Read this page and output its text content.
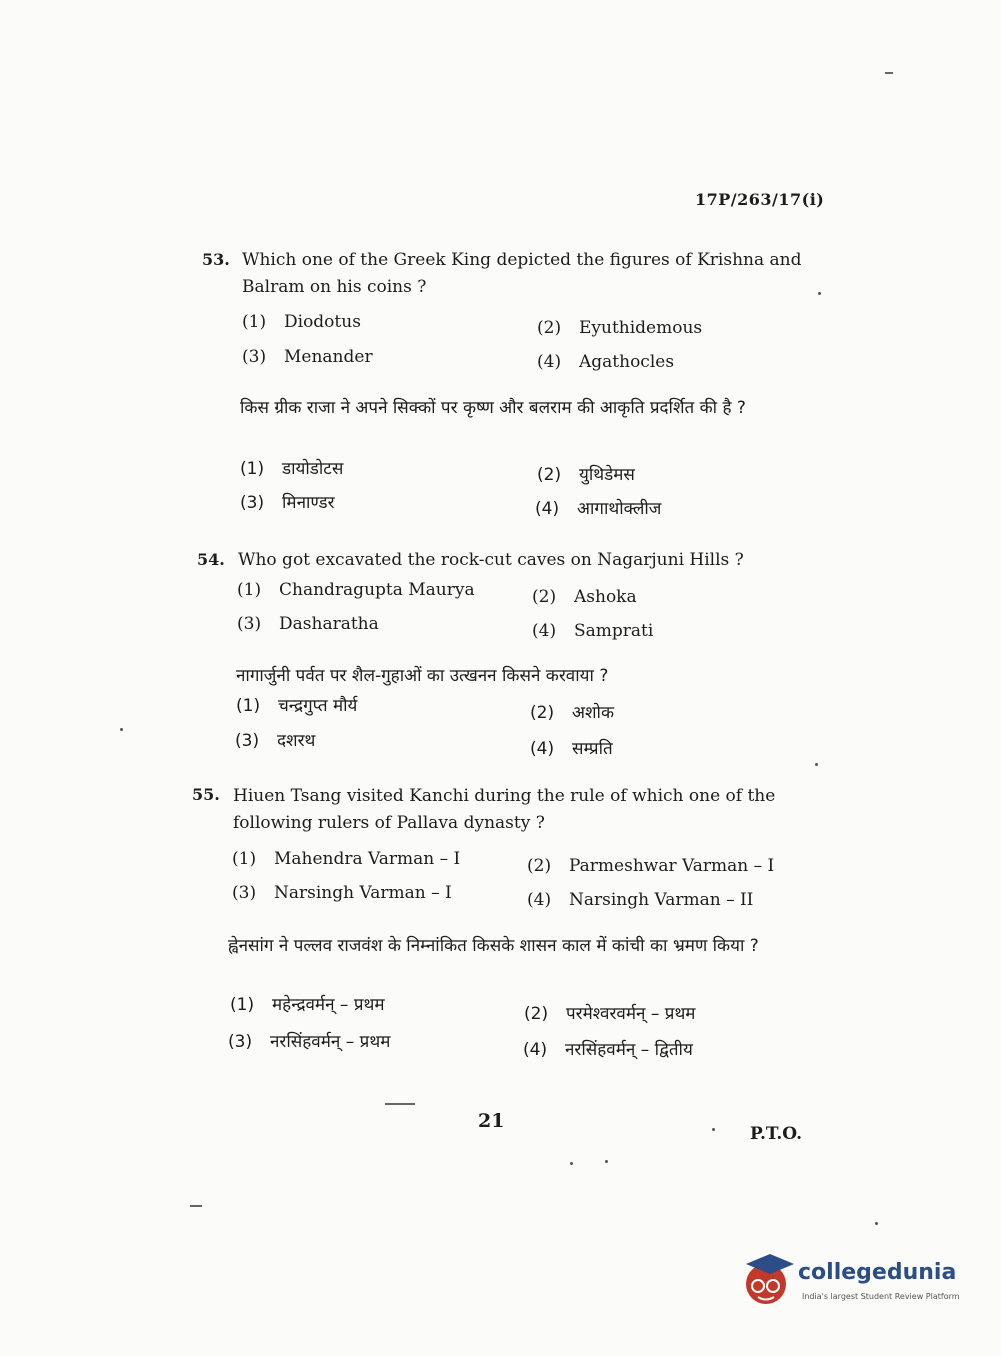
17P/263/17(i)
53. Which one of the Greek King depicted the figures of Krishna and Balram on his coins ?
(1) Diodotus	(2) Eyuthidemous
(3) Menander	(4) Agathocles
किस ग्रीक राजा ने अपने सिक्कों पर कृष्ण और बलराम की आकृति प्रदर्शित की है ?
(1) डायोडोटस	(2) युथिडेमस
(3) मिनाण्डर	(4) आगाथोक्लीज
54. Who got excavated the rock-cut caves on Nagarjuni Hills ?
(1) Chandragupta Maurya	(2) Ashoka
(3) Dasharatha	(4) Samprati
नागार्जुनी पर्वत पर शैल-गुहाओं का उत्खनन किसने करवाया ?
(1) चन्द्रगुप्त मौर्य	(2) अशोक
(3) दशरथ	(4) सम्प्रति
55. Hiuen Tsang visited Kanchi during the rule of which one of the following rulers of Pallava dynasty ?
(1) Mahendra Varman – I	(2) Parmeshwar Varman – I
(3) Narsingh Varman – I	(4) Narsingh Varman – II
ह्वेनसांग ने पल्लव राजवंश के निम्नांकित किसके शासन काल में कांची का भ्रमण किया ?
(1) महेन्द्रवर्मन् – प्रथम	(2) परमेश्वरवर्मन् – प्रथम
(3) नरसिंहवर्मन् – प्रथम	(4) नरसिंहवर्मन् – द्वितीय
21
P.T.O.
collegedunia
India's largest Student Review Platform
